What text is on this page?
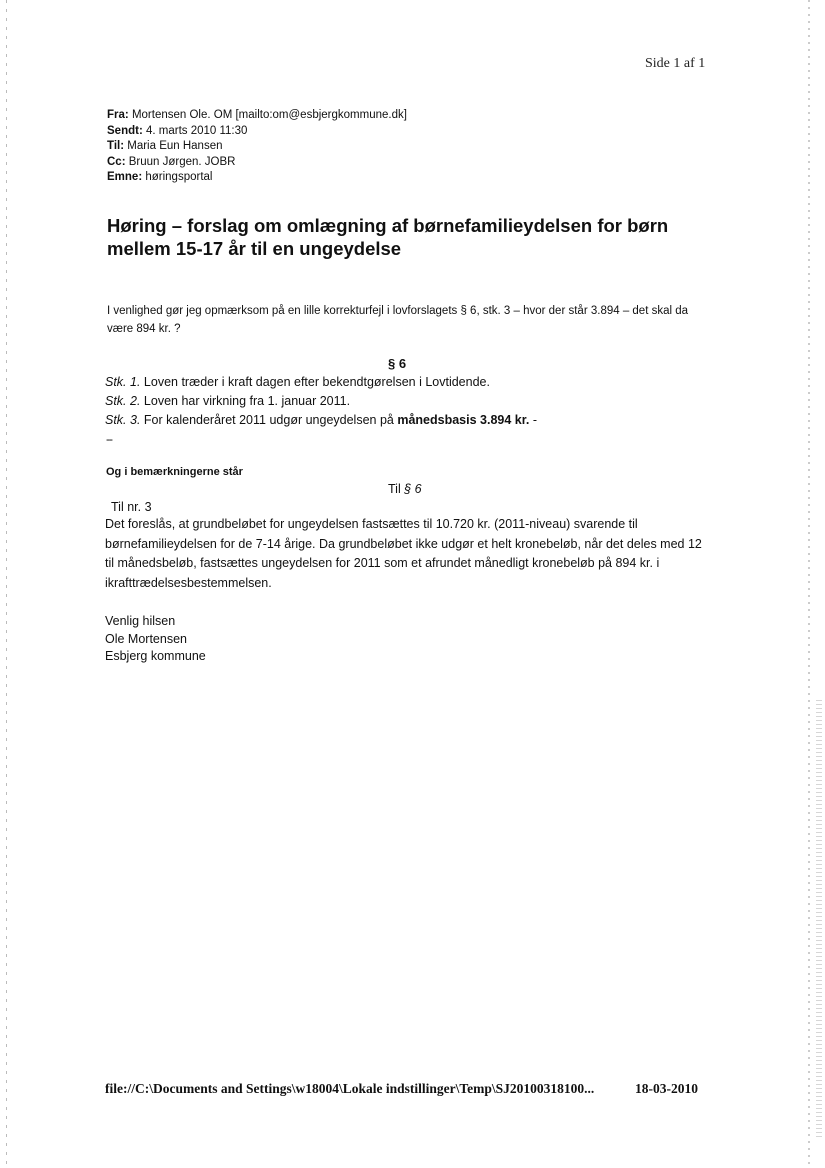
Side 1 af 1
Fra: Mortensen Ole. OM [mailto:om@esbjergkommune.dk]
Sendt: 4. marts 2010 11:30
Til: Maria Eun Hansen
Cc: Bruun Jørgen. JOBR
Emne: høringsportal
Høring – forslag om omlægning af børnefamilieydelsen for børn mellem 15-17 år til en ungeydelse
I venlighed gør jeg opmærksom på en lille korrekturfejl i lovforslagets § 6, stk. 3 – hvor der står 3.894 – det skal da være 894 kr. ?
§ 6
Stk. 1. Loven træder i kraft dagen efter bekendtgørelsen i Lovtidende.
Stk. 2. Loven har virkning fra 1. januar 2011.
Stk. 3. For kalenderåret 2011 udgør ungeydelsen på månedsbasis 3.894 kr. -
--
Og i bemærkningerne står
Til § 6
Til nr. 3
Det foreslås, at grundbeløbet for ungeydelsen fastsættes til 10.720 kr. (2011-niveau) svarende til børnefamilieydelsen for de 7-14 årige. Da grundbeløbet ikke udgør et helt kronebeløb, når det deles med 12 til månedsbeløb, fastsættes ungeydelsen for 2011 som et afrundet månedligt kronebeløb på 894 kr. i ikrafttrædelsesbestemmelsen.
Venlig hilsen
Ole Mortensen
Esbjerg kommune
file://C:\Documents and Settings\w18004\Lokale indstillinger\Temp\SJ20100318100...	18-03-2010
